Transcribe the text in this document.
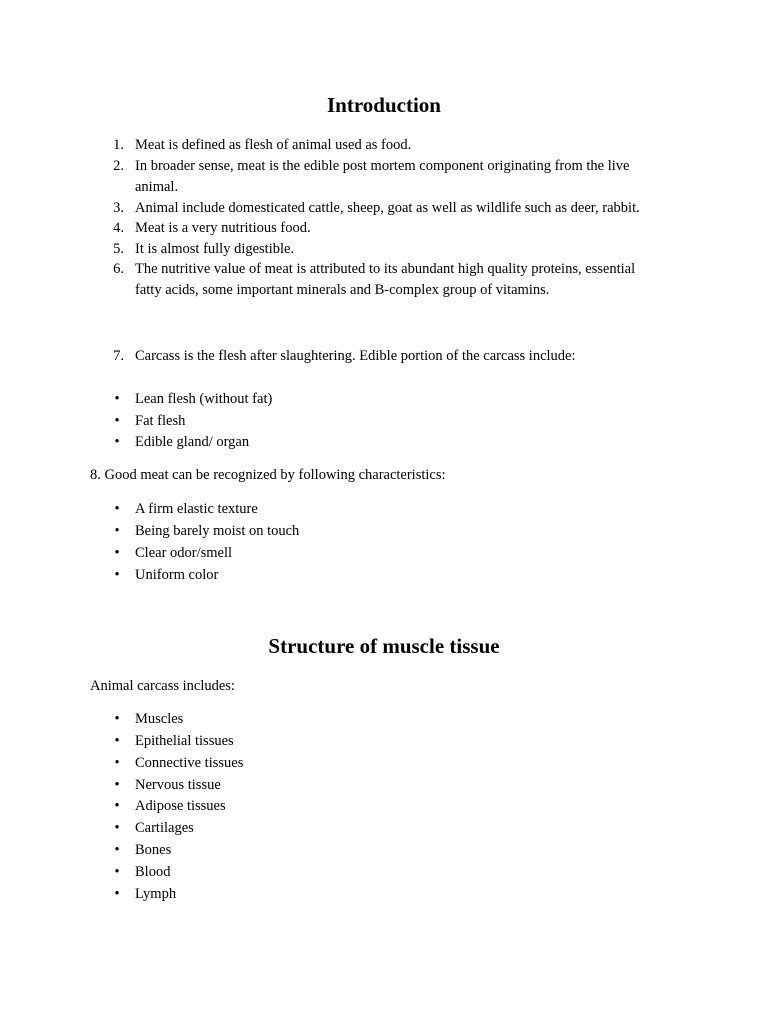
Introduction
1. Meat is defined as flesh of animal used as food.
2. In broader sense, meat is the edible post mortem component originating from the live
animal.
3. Animal include domesticated cattle, sheep, goat as well as wildlife such as deer, rabbit.
4. Meat is a very nutritious food.
5. It is almost fully digestible.
6. The nutritive value of meat is attributed to its abundant high quality proteins, essential
fatty acids, some important minerals and B-complex group of vitamins.
7. Carcass is the flesh after slaughtering. Edible portion of the carcass include:
•	Lean flesh (without fat)
•	Fat flesh
•	Edible gland/ organ
8. Good meat can be recognized by following characteristics:
•	A firm elastic texture
•	Being barely moist on touch
•	Clear odor/smell
•	Uniform color
Structure of muscle tissue
Animal carcass includes:
•	Muscles
•	Epithelial tissues
•	Connective tissues
•	Nervous tissue
•	Adipose tissues
•	Cartilages
•	Bones
•	Blood
•	Lymph
